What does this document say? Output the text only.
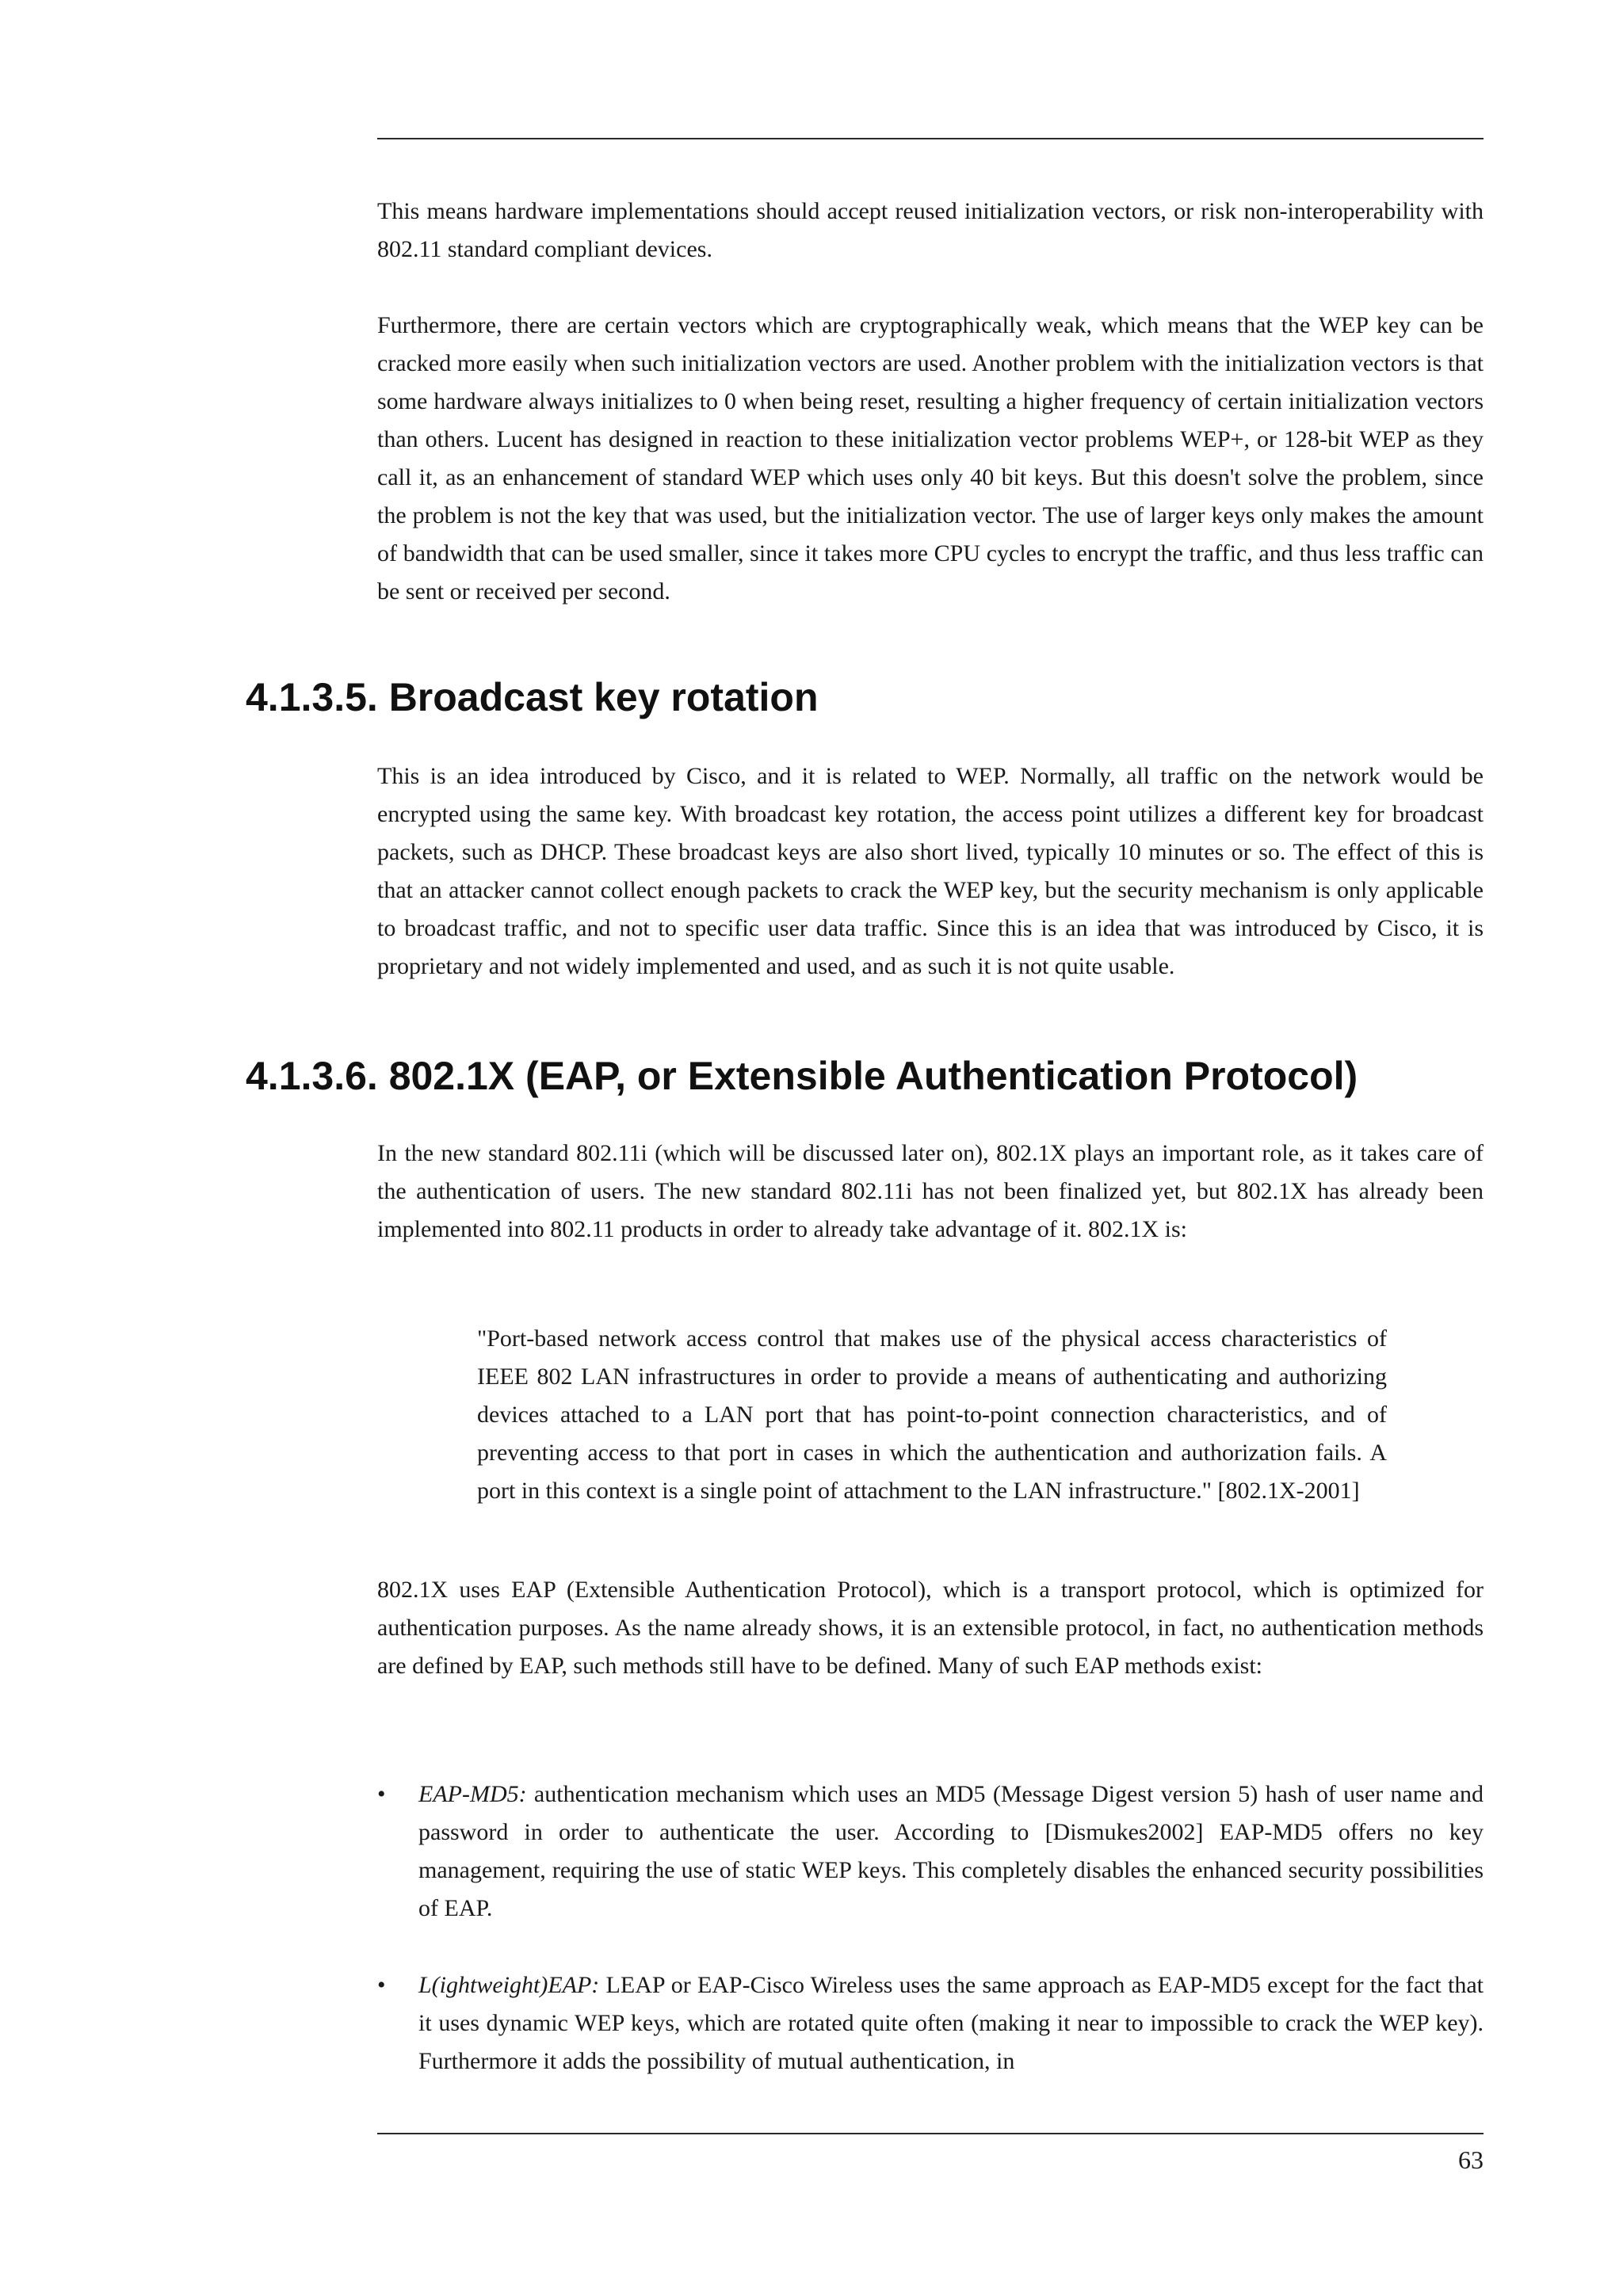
This means hardware implementations should accept reused initialization vectors, or risk non-interoperability with 802.11 standard compliant devices.

Furthermore, there are certain vectors which are cryptographically weak, which means that the WEP key can be cracked more easily when such initialization vectors are used. Another problem with the initialization vectors is that some hardware always initializes to 0 when being reset, resulting a higher frequency of certain initialization vectors than others. Lucent has designed in reaction to these initialization vector problems WEP+, or 128-bit WEP as they call it, as an enhancement of standard WEP which uses only 40 bit keys. But this doesn't solve the problem, since the problem is not the key that was used, but the initialization vector. The use of larger keys only makes the amount of bandwidth that can be used smaller, since it takes more CPU cycles to encrypt the traffic, and thus less traffic can be sent or received per second.

4.1.3.5. Broadcast key rotation

This is an idea introduced by Cisco, and it is related to WEP. Normally, all traffic on the network would be encrypted using the same key. With broadcast key rotation, the access point utilizes a different key for broadcast packets, such as DHCP. These broadcast keys are also short lived, typically 10 minutes or so. The effect of this is that an attacker cannot collect enough packets to crack the WEP key, but the security mechanism is only applicable to broadcast traffic, and not to specific user data traffic. Since this is an idea that was introduced by Cisco, it is proprietary and not widely implemented and used, and as such it is not quite usable.

4.1.3.6. 802.1X (EAP, or Extensible Authentication Protocol)

In the new standard 802.11i (which will be discussed later on), 802.1X plays an important role, as it takes care of the authentication of users. The new standard 802.11i has not been finalized yet, but 802.1X has already been implemented into 802.11 products in order to already take advantage of it. 802.1X is:

"Port-based network access control that makes use of the physical access characteristics of IEEE 802 LAN infrastructures in order to provide a means of authenticating and authorizing devices attached to a LAN port that has point-to-point connection characteristics, and of preventing access to that port in cases in which the authentication and authorization fails. A port in this context is a single point of attachment to the LAN infrastructure." [802.1X-2001]

802.1X uses EAP (Extensible Authentication Protocol), which is a transport protocol, which is optimized for authentication purposes. As the name already shows, it is an extensible protocol, in fact, no authentication methods are defined by EAP, such methods still have to be defined. Many of such EAP methods exist:

• EAP-MD5: authentication mechanism which uses an MD5 (Message Digest version 5) hash of user name and password in order to authenticate the user. According to [Dismukes2002] EAP-MD5 offers no key management, requiring the use of static WEP keys. This completely disables the enhanced security possibilities of EAP.

• L(ightweight)EAP: LEAP or EAP-Cisco Wireless uses the same approach as EAP-MD5 except for the fact that it uses dynamic WEP keys, which are rotated quite often (making it near to impossible to crack the WEP key). Furthermore it adds the possibility of mutual authentication, in

63
